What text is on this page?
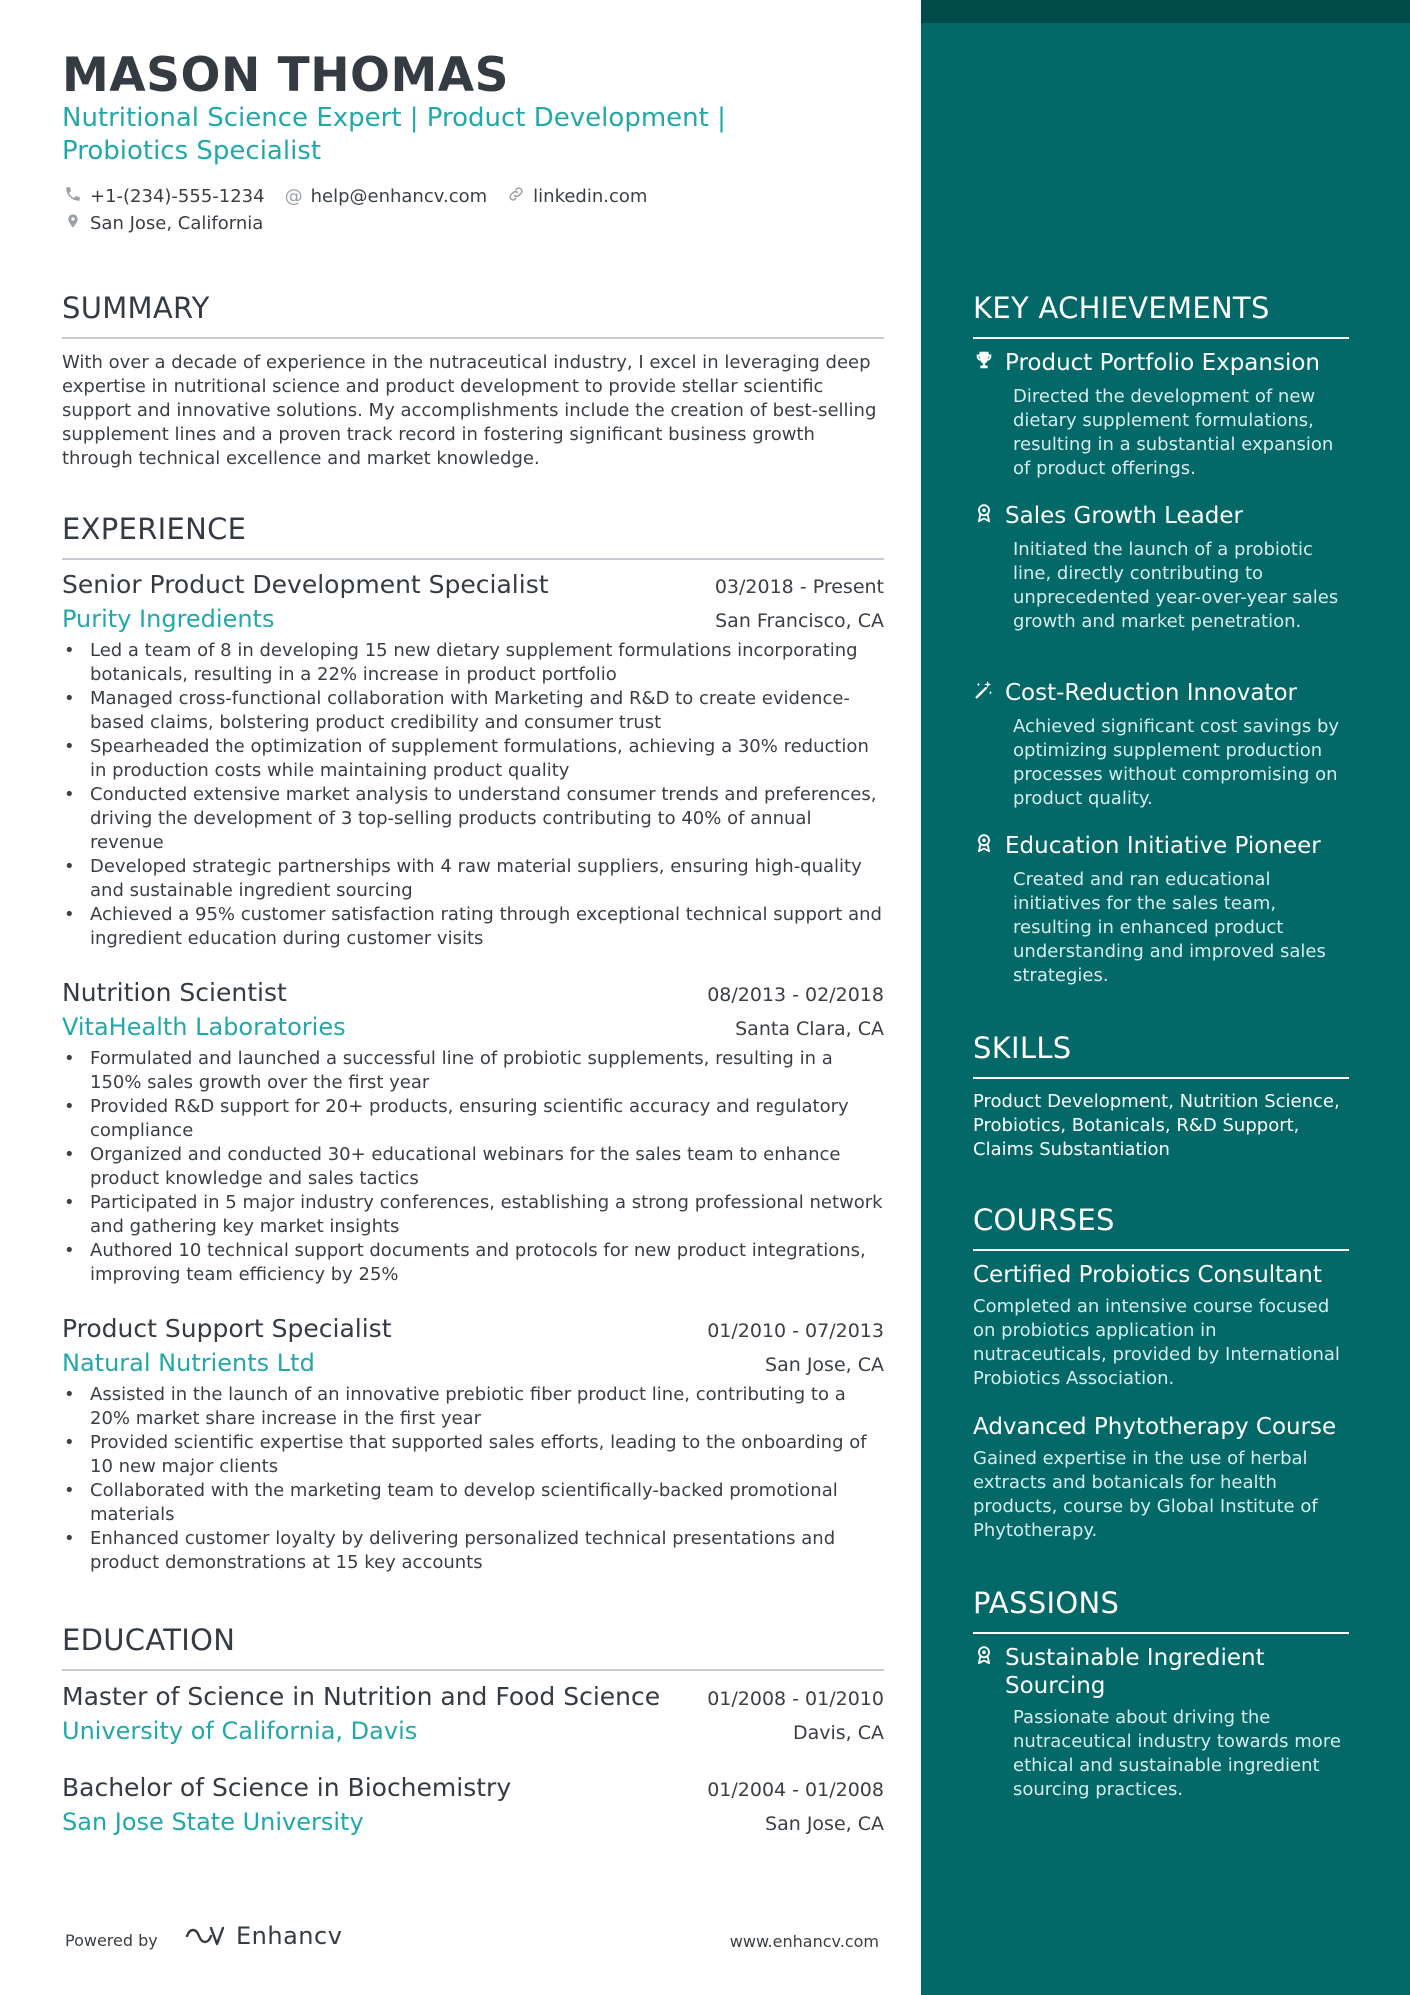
MASON THOMAS
Nutritional Science Expert | Product Development | Probiotics Specialist
+1-(234)-555-1234 @ help@enhancv.com	linkedin.com
San Jose, California
SUMMARY
With over a decade of experience in the nutraceutical industry, I excel in leveraging deep expertise in nutritional science and product development to provide stellar scientific support and innovative solutions. My accomplishments include the creation of best-selling supplement lines and a proven track record in fostering significant business growth through technical excellence and market knowledge.
EXPERIENCE
Senior Product Development Specialist	03/2018 - Present
Purity Ingredients	San Francisco, CA
• Led a team of 8 in developing 15 new dietary supplement formulations incorporating botanicals, resulting in a 22% increase in product portfolio
• Managed cross-functional collaboration with Marketing and R&D to create evidence-based claims, bolstering product credibility and consumer trust
• Spearheaded the optimization of supplement formulations, achieving a 30% reduction in production costs while maintaining product quality
• Conducted extensive market analysis to understand consumer trends and preferences, driving the development of 3 top-selling products contributing to 40% of annual revenue
• Developed strategic partnerships with 4 raw material suppliers, ensuring high-quality and sustainable ingredient sourcing
• Achieved a 95% customer satisfaction rating through exceptional technical support and ingredient education during customer visits
Nutrition Scientist	08/2013 - 02/2018
VitaHealth Laboratories	Santa Clara, CA
• Formulated and launched a successful line of probiotic supplements, resulting in a 150% sales growth over the first year
• Provided R&D support for 20+ products, ensuring scientific accuracy and regulatory compliance
• Organized and conducted 30+ educational webinars for the sales team to enhance product knowledge and sales tactics
• Participated in 5 major industry conferences, establishing a strong professional network and gathering key market insights
• Authored 10 technical support documents and protocols for new product integrations, improving team efficiency by 25%
Product Support Specialist	01/2010 - 07/2013
Natural Nutrients Ltd	San Jose, CA
• Assisted in the launch of an innovative prebiotic fiber product line, contributing to a 20% market share increase in the first year
• Provided scientific expertise that supported sales efforts, leading to the onboarding of 10 new major clients
• Collaborated with the marketing team to develop scientifically-backed promotional materials
• Enhanced customer loyalty by delivering personalized technical presentations and product demonstrations at 15 key accounts
EDUCATION
Master of Science in Nutrition and Food Science 01/2008 - 01/2010
University of California, Davis	Davis, CA
Bachelor of Science in Biochemistry	01/2004 - 01/2008
San Jose State University	San Jose, CA
Powered by	Enhancv	www.enhancv.com
KEY ACHIEVEMENTS
Product Portfolio Expansion
Directed the development of new dietary supplement formulations, resulting in a substantial expansion of product offerings.
Sales Growth Leader
Initiated the launch of a probiotic line, directly contributing to unprecedented year-over-year sales growth and market penetration.
Cost-Reduction Innovator
Achieved significant cost savings by optimizing supplement production processes without compromising on product quality.
Education Initiative Pioneer
Created and ran educational initiatives for the sales team, resulting in enhanced product understanding and improved sales strategies.
SKILLS
Product Development, Nutrition Science, Probiotics, Botanicals, R&D Support, Claims Substantiation
COURSES
Certified Probiotics Consultant
Completed an intensive course focused on probiotics application in nutraceuticals, provided by International Probiotics Association.
Advanced Phytotherapy Course
Gained expertise in the use of herbal extracts and botanicals for health products, course by Global Institute of Phytotherapy.
PASSIONS
Sustainable Ingredient Sourcing
Passionate about driving the nutraceutical industry towards more ethical and sustainable ingredient sourcing practices.
